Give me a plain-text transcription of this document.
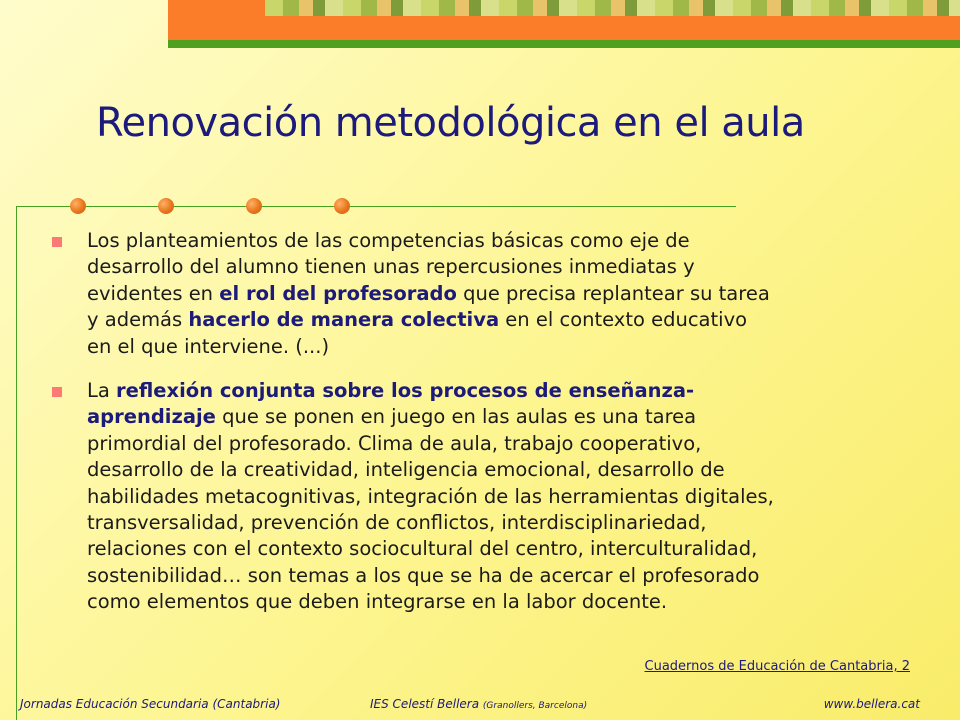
Renovación metodológica en el aula
Los planteamientos de las competencias básicas como eje de
desarrollo del alumno tienen unas repercusiones inmediatas y
evidentes en el rol del profesorado que precisa replantear su tarea
y además hacerlo de manera colectiva en el contexto educativo
en el que interviene. (...)
La reflexión conjunta sobre los procesos de enseñanza-
aprendizaje que se ponen en juego en las aulas es una tarea
primordial del profesorado. Clima de aula, trabajo cooperativo,
desarrollo de la creatividad, inteligencia emocional, desarrollo de
habilidades metacognitivas, integración de las herramientas digitales,
transversalidad, prevención de conflictos, interdisciplinariedad,
relaciones con el contexto sociocultural del centro, interculturalidad,
sostenibilidad… son temas a los que se ha de acercar el profesorado
como elementos que deben integrarse en la labor docente.
Cuadernos de Educación de Cantabria, 2
Jornadas Educación Secundaria (Cantabria)	IES Celestí Bellera (Granollers, Barcelona)	www.bellera.cat
